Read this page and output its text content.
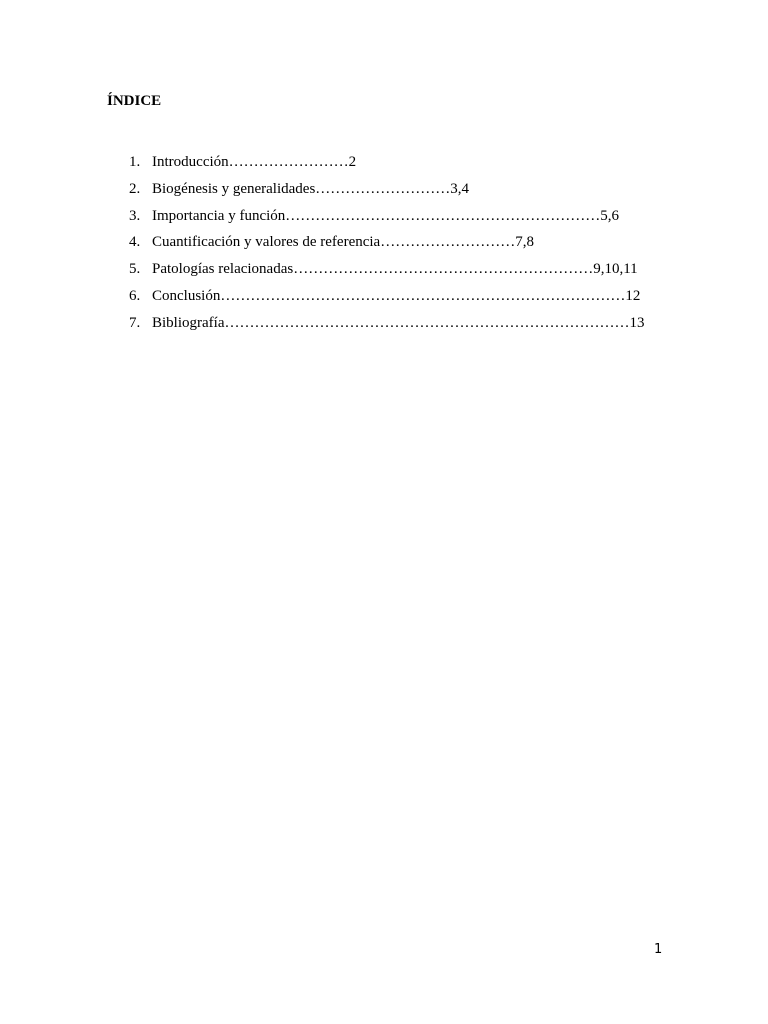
ÍNDICE
1. Introducción……………………2
2. Biogénesis y generalidades………………………3,4
3. Importancia y función………………………………………………………5,6
4. Cuantificación y valores de referencia………………………7,8
5. Patologías relacionadas……………………………………………………9,10,11
6. Conclusión………………………………………………………………………12
7. Bibliografía………………………………………………………………………13
1
